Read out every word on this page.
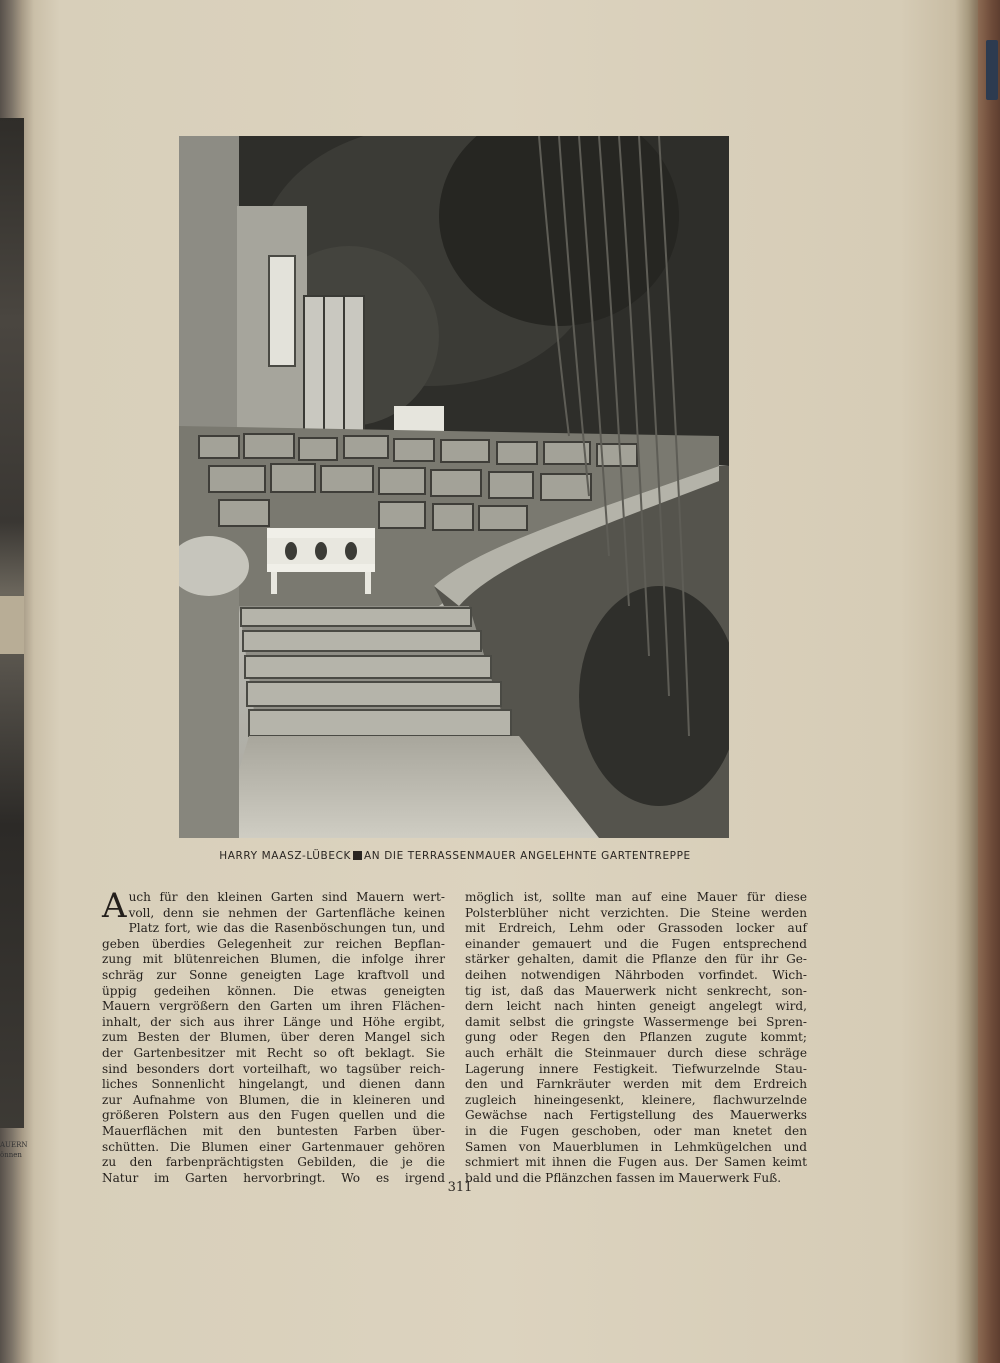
AUERN
önnen
HARRY MAASZ-LÜBECK AN DIE TERRASSENMAUER ANGELEHNTE GARTENTREPPE
A uch für den kleinen Garten sind Mauern wert-
voll, denn sie nehmen der Gartenfläche keinen
Platz fort, wie das die Rasenböschungen tun, und
geben überdies Gelegenheit zur reichen Bepflan-
zung mit blütenreichen Blumen, die infolge ihrer
schräg zur Sonne geneigten Lage kraftvoll und
üppig gedeihen können. Die etwas geneigten
Mauern vergrößern den Garten um ihren Flächen-
inhalt, der sich aus ihrer Länge und Höhe ergibt,
zum Besten der Blumen, über deren Mangel sich
der Gartenbesitzer mit Recht so oft beklagt. Sie
sind besonders dort vorteilhaft, wo tagsüber reich-
liches Sonnenlicht hingelangt, und dienen dann
zur Aufnahme von Blumen, die in kleineren und
größeren Polstern aus den Fugen quellen und die
Mauerflächen mit den buntesten Farben über-
schütten. Die Blumen einer Gartenmauer gehören
zu den farbenprächtigsten Gebilden, die je die
Natur im Garten hervorbringt. Wo es irgend
möglich ist, sollte man auf eine Mauer für diese
Polsterblüher nicht verzichten. Die Steine werden
mit Erdreich, Lehm oder Grassoden locker auf
einander gemauert und die Fugen entsprechend
stärker gehalten, damit die Pflanze den für ihr Ge-
deihen notwendigen Nährboden vorfindet. Wich-
tig ist, daß das Mauerwerk nicht senkrecht, son-
dern leicht nach hinten geneigt angelegt wird,
damit selbst die gringste Wassermenge bei Spren-
gung oder Regen den Pflanzen zugute kommt;
auch erhält die Steinmauer durch diese schräge
Lagerung innere Festigkeit. Tiefwurzelnde Stau-
den und Farnkräuter werden mit dem Erdreich
zugleich hineingesenkt, kleinere, flachwurzelnde
Gewächse nach Fertigstellung des Mauerwerks
in die Fugen geschoben, oder man knetet den
Samen von Mauerblumen in Lehmkügelchen und
schmiert mit ihnen die Fugen aus. Der Samen keimt
bald und die Pflänzchen fassen im Mauerwerk Fuß.
311
